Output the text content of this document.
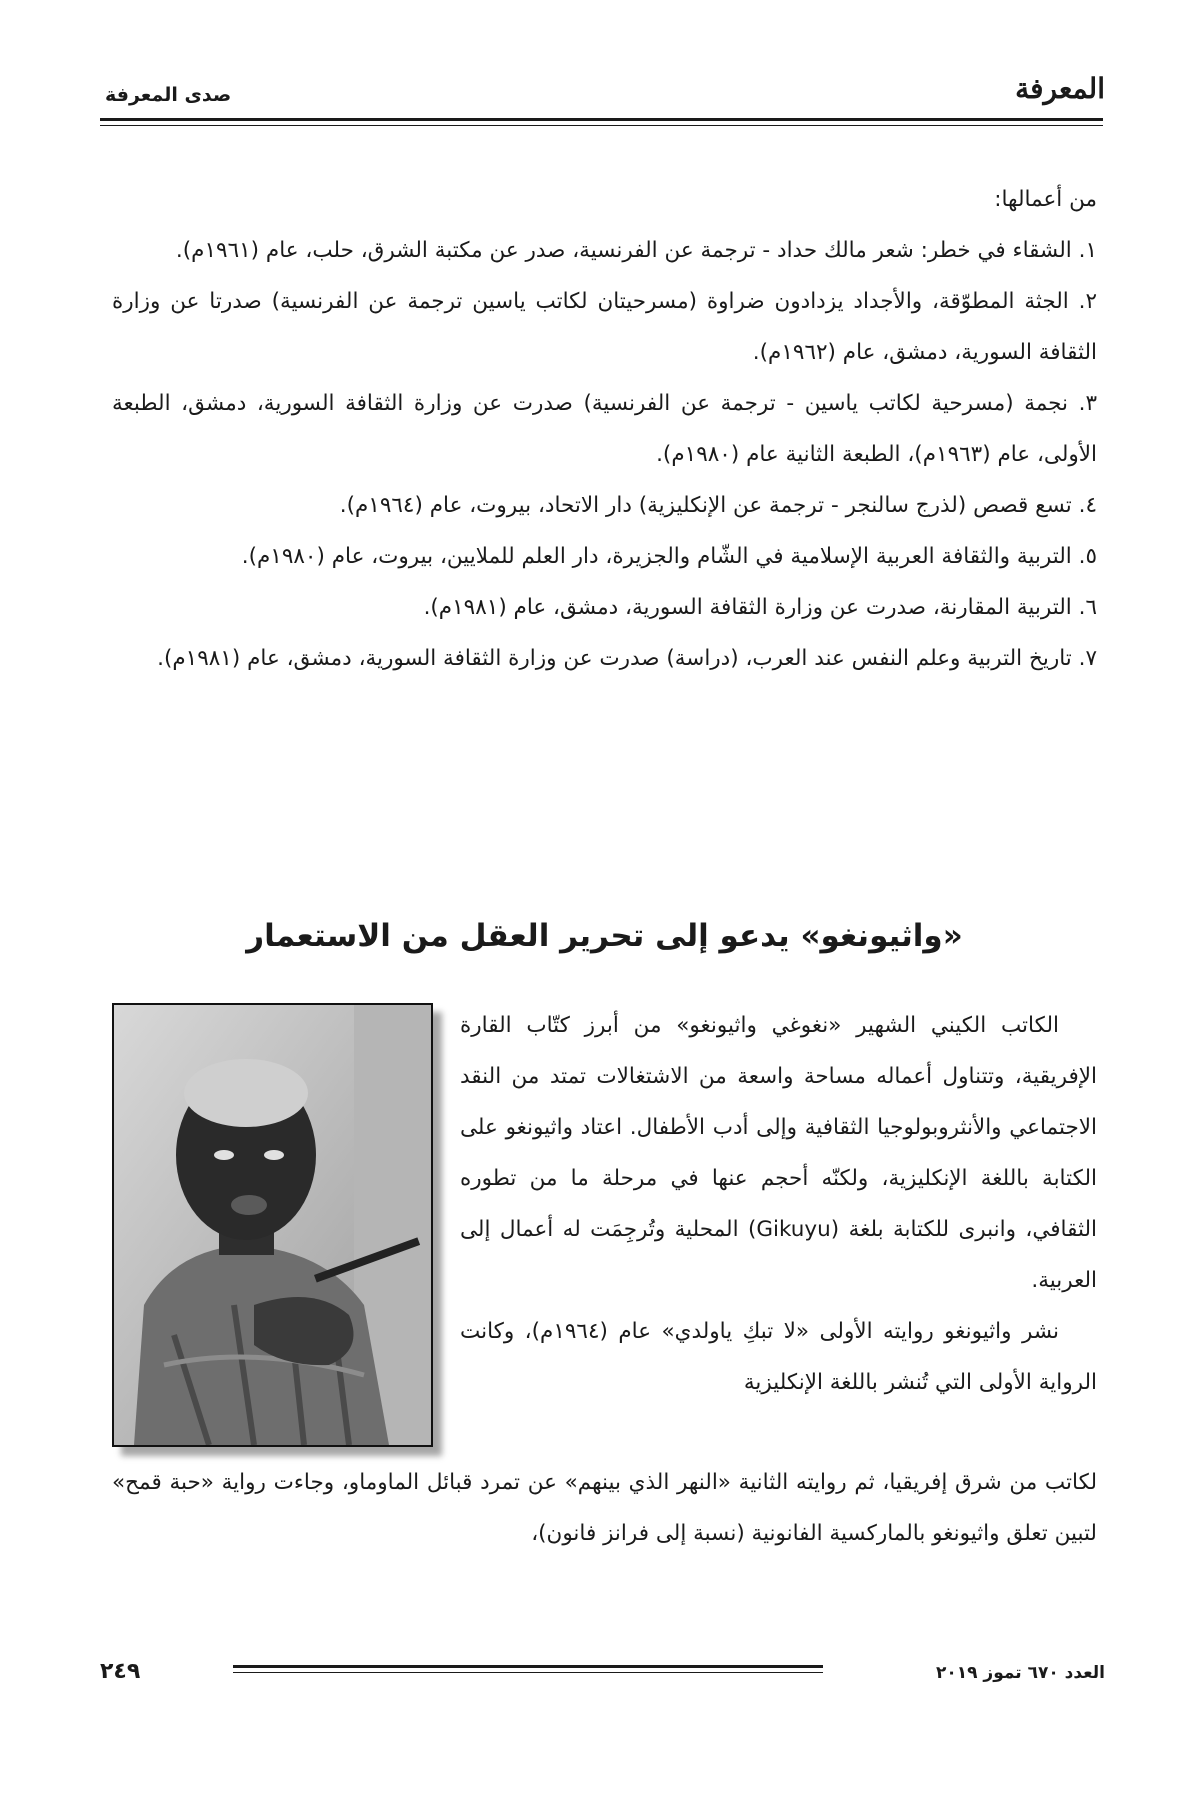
صدى المعرفة	المعرفة

من أعمالها:

١. الشقاء في خطر: شعر مالك حداد - ترجمة عن الفرنسية، صدر عن مكتبة الشرق، حلب، عام (١٩٦١م).
٢. الجثة المطوّقة، والأجداد يزدادون ضراوة (مسرحيتان لكاتب ياسين ترجمة عن الفرنسية) صدرتا عن وزارة الثقافة السورية، دمشق، عام (١٩٦٢م).
٣. نجمة (مسرحية لكاتب ياسين - ترجمة عن الفرنسية) صدرت عن وزارة الثقافة السورية، دمشق، الطبعة الأولى، عام (١٩٦٣م)، الطبعة الثانية عام (١٩٨٠م).
٤. تسع قصص (لذرج سالنجر - ترجمة عن الإنكليزية) دار الاتحاد، بيروت، عام (١٩٦٤م).
٥. التربية والثقافة العربية الإسلامية في الشّام والجزيرة، دار العلم للملايين، بيروت، عام (١٩٨٠م).
٦. التربية المقارنة، صدرت عن وزارة الثقافة السورية، دمشق، عام (١٩٨١م).
٧. تاريخ التربية وعلم النفس عند العرب، (دراسة) صدرت عن وزارة الثقافة السورية، دمشق، عام (١٩٨١م).
«واثيونغو» يدعو إلى تحرير العقل من الاستعمار

الكاتب الكيني الشهير «نغوغي واثيونغو» من أبرز كتّاب القارة الإفريقية، وتتناول أعماله مساحة واسعة من الاشتغالات تمتد من النقد الاجتماعي والأنثروبولوجيا الثقافية وإلى أدب الأطفال. اعتاد واثيونغو على الكتابة باللغة الإنكليزية، ولكنّه أحجم عنها في مرحلة ما من تطوره الثقافي، وانبرى للكتابة بلغة (Gikuyu) المحلية وتُرجِمَت له أعمال إلى العربية.

نشر واثيونغو روايته الأولى «لا تبكِ ياولدي» عام (١٩٦٤م)، وكانت الرواية الأولى التي تُنشر باللغة الإنكليزية

لكاتب من شرق إفريقيا، ثم روايته الثانية «النهر الذي بينهم» عن تمرد قبائل الماوماو، وجاءت رواية «حبة قمح» لتبين تعلق واثيونغو بالماركسية الفانونية (نسبة إلى فرانز فانون)،

العدد ٦٧٠ تموز ٢٠١٩
٢٤٩
